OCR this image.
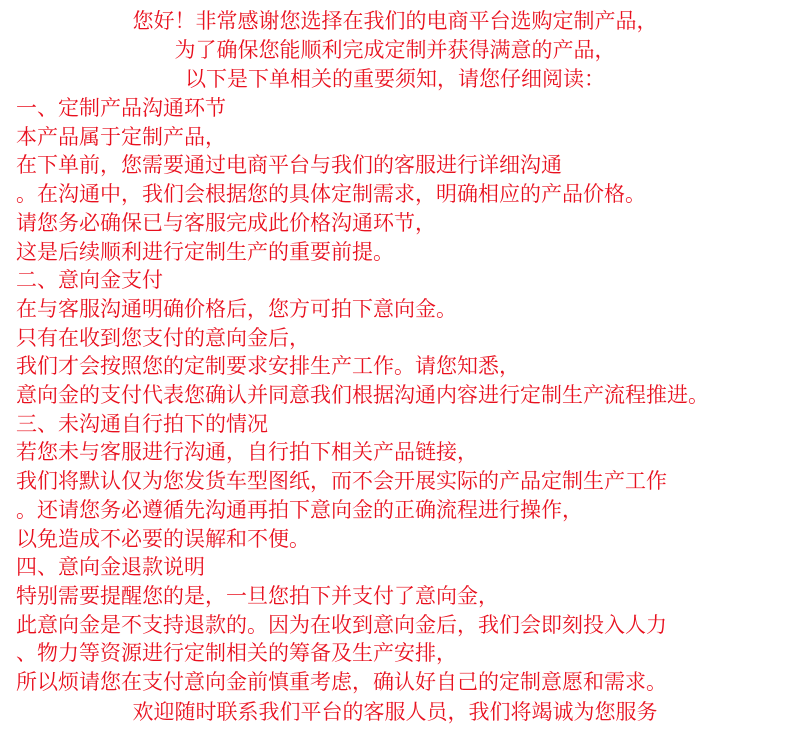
您好！非常感谢您选择在我们的电商平台选购定制产品，
为了确保您能顺利完成定制并获得满意的产品，
以下是下单相关的重要须知，请您仔细阅读：
一、定制产品沟通环节
本产品属于定制产品，
在下单前，您需要通过电商平台与我们的客服进行详细沟通
。在沟通中，我们会根据您的具体定制需求，明确相应的产品价格。
请您务必确保已与客服完成此价格沟通环节，
这是后续顺利进行定制生产的重要前提。
二、意向金支付
在与客服沟通明确价格后，您方可拍下意向金。
只有在收到您支付的意向金后，
我们才会按照您的定制要求安排生产工作。请您知悉，
意向金的支付代表您确认并同意我们根据沟通内容进行定制生产流程推进。
三、未沟通自行拍下的情况
若您未与客服进行沟通，自行拍下相关产品链接，
我们将默认仅为您发货车型图纸，而不会开展实际的产品定制生产工作
。还请您务必遵循先沟通再拍下意向金的正确流程进行操作，
以免造成不必要的误解和不便。
四、意向金退款说明
特别需要提醒您的是，一旦您拍下并支付了意向金，
此意向金是不支持退款的。因为在收到意向金后，我们会即刻投入人力
、物力等资源进行定制相关的筹备及生产安排，
所以烦请您在支付意向金前慎重考虑，确认好自己的定制意愿和需求。
欢迎随时联系我们平台的客服人员，我们将竭诚为您服务
